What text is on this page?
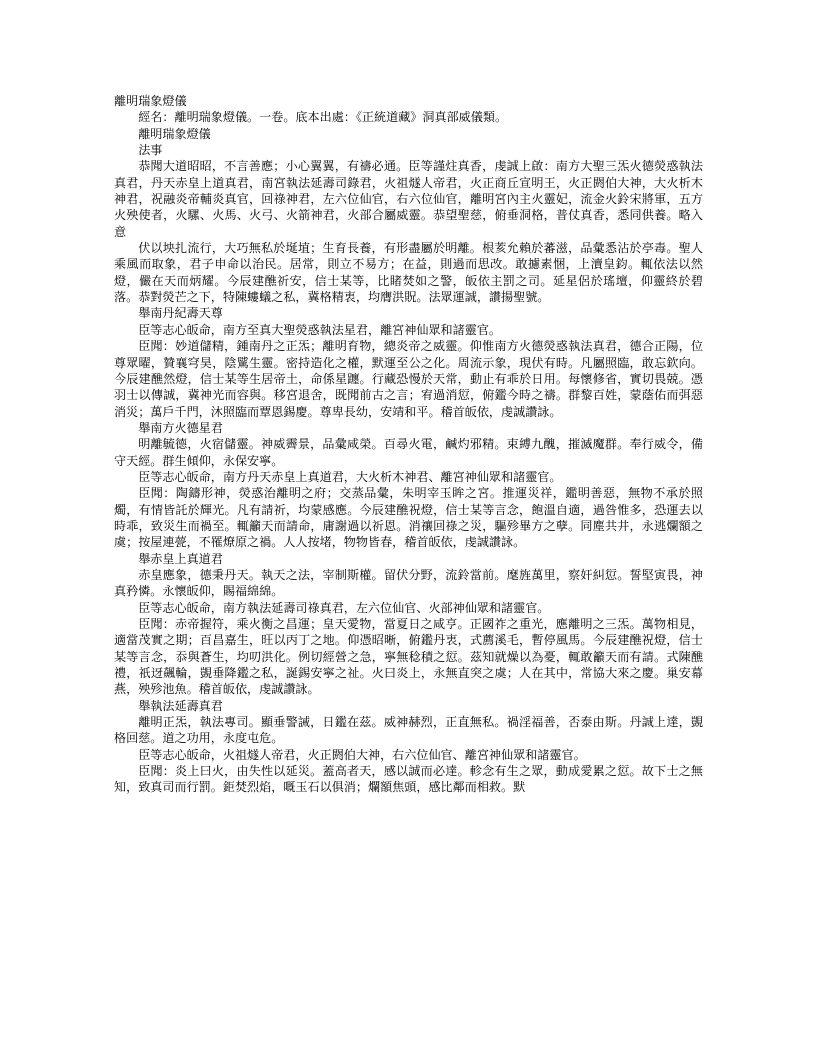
離明瑞象燈儀

經名：離明瑞象燈儀。一卷。底本出處：《正統道藏》洞真部威儀類。

離明瑞象燈儀

法事

恭聞大道昭昭，不言善應；小心翼翼，有禱必通。臣等謹炷真香，虔誠上啟：南方大聖三炁火德熒惑執法真君，丹天赤皇上道真君，南宮執法延壽司錄君，火祖燧人帝君，火正商丘宣明王，火正閼伯大神，大火析木神君，祝融炎帝輔炎真官，回祿神君，左六位仙官，右六位仙官，離明宮內主火靈妃，流金火鈴宋將軍，五方火殃使者，火騾、火馬、火弓、火箭神君，火部合屬威靈。恭望聖慈，俯垂洞格，普仗真香，悉同供養。略入意

伏以坱扎流行，大巧無私於埏埴；生育長養，有形盡屬於明離。根荄允賴於蕃滋，品彙悉沾於亭毒。聖人乘風而取象，君子申命以治民。居常，則立不易方；在益，則過而思改。敢攄素悃，上瀆皇鈞。輒依法以然燈，儼在天而炳耀。今辰建醮祈安，信士某等，比睹焚如之警，皈依主罰之司。延星侶於瑤壇，仰靈終於碧落。恭對熒芒之下，特陳螻蟻之私，冀格精衷，均膺洪貺。法眾運誠，讚揚聖號。

舉南丹紀壽天尊

臣等志心皈命，南方至真大聖熒惑執法星君，離宮神仙眾和諸靈官。

臣聞：妙道儲精，鍾南丹之正炁；離明育物，總炎帝之威靈。仰惟南方火德熒惑執法真君，德合正陽，位尊眾曜，贊襄穹昊，陰騭生靈。密持造化之權，默運至公之化。周流示象，現伏有時。凡屬照臨，敢忘欽向。今辰建醮然燈，信士某等生居帝土，命係星躔。行藏恐慢於天常，動止有乖於日用。每懷修省，實切畏兢。憑羽士以傳誠，冀神光而容與。移宮退舍，既聞前古之言；宥過消愆，俯鑑今時之禱。群黎百姓，蒙蔭佑而弭惡消災；萬戶千門，沐照臨而覃恩錫慶。尊卑長幼，安靖和平。稽首皈依，虔誠讚詠。

舉南方火德星君

明離毓德，火宿儲靈。神威霽景，品彙咸榮。百尋火電，鹹灼邪精。束縛九醜，摧滅魔群。奉行威令，備守天經。群生傾仰，永保安寧。

臣等志心皈命，南方丹天赤皇上真道君，大火析木神君、離宮神仙眾和諸靈官。

臣聞：陶鑄形神，熒惑治離明之府；交蒸品彙，朱明宰玉眸之宮。推運災祥，鑑明善惡，無物不承於照燭，有情皆託於輝光。凡有請祈，均蒙感應。今辰建醮祝燈，信士某等言念，飽溫自適，過咎惟多，恐運去以時乖，致災生而禍至。輒籲天而請命，庸謝過以祈恩。消禳回祿之災，驅殄畢方之孽。同塵共井，永逃爛額之虞；按屋連甍，不罹燎原之禍。人人按堵，物物皆春，稽首皈依，虔誠讚詠。

舉赤皇上真道君

赤皇應象，德秉丹天。執天之法，宰制斯權。留伏分野，流鈴當前。麾旌萬里，察奸糾愆。誓堅寅畏，神真矜憐。永懷皈仰，賜福綿綿。

臣等志心皈命，南方執法延壽司祿真君，左六位仙官、火部神仙眾和諸靈官。

臣聞：赤帝握符，乘火衡之昌運；皇天愛物，當夏日之咸亨。正國祚之重光，應離明之三炁。萬物相見，適當茂實之期；百昌嘉生，旺以丙丁之地。仰憑昭晰，俯鑑丹衷，式薦溪毛，暫停風馬。今辰建醮祝燈，信士某等言念，忝與蒼生，均叨洪化。例切經營之急，寧無稔積之愆。茲知就燥以為憂，輒敢籲天而有請。式陳醮禮，祇迓飆輪，覬垂降鑑之私，誕錫安寧之祉。火曰炎上，永無直突之虞；人在其中，常協大來之慶。巢安幕燕，殃殄池魚。稽首皈依，虔誠讚詠。

舉執法延壽真君

離明正炁，執法專司。顯垂警誡，日鑑在茲。威神赫烈，正直無私。禍淫福善，否泰由斯。丹誠上達，覬格回慈。道之功用，永度屯危。

臣等志心皈命，火祖燧人帝君，火正閼伯大神，右六位仙官、離宮神仙眾和諸靈官。

臣聞：炎上曰火，由失性以延災。蓋高者天，感以誠而必達。軫念有生之眾，動成愛累之愆。故下士之無知，致真司而行罰。鉅焚烈焰，嘅玉石以俱消；爛額焦頭，感比鄰而相救。默
